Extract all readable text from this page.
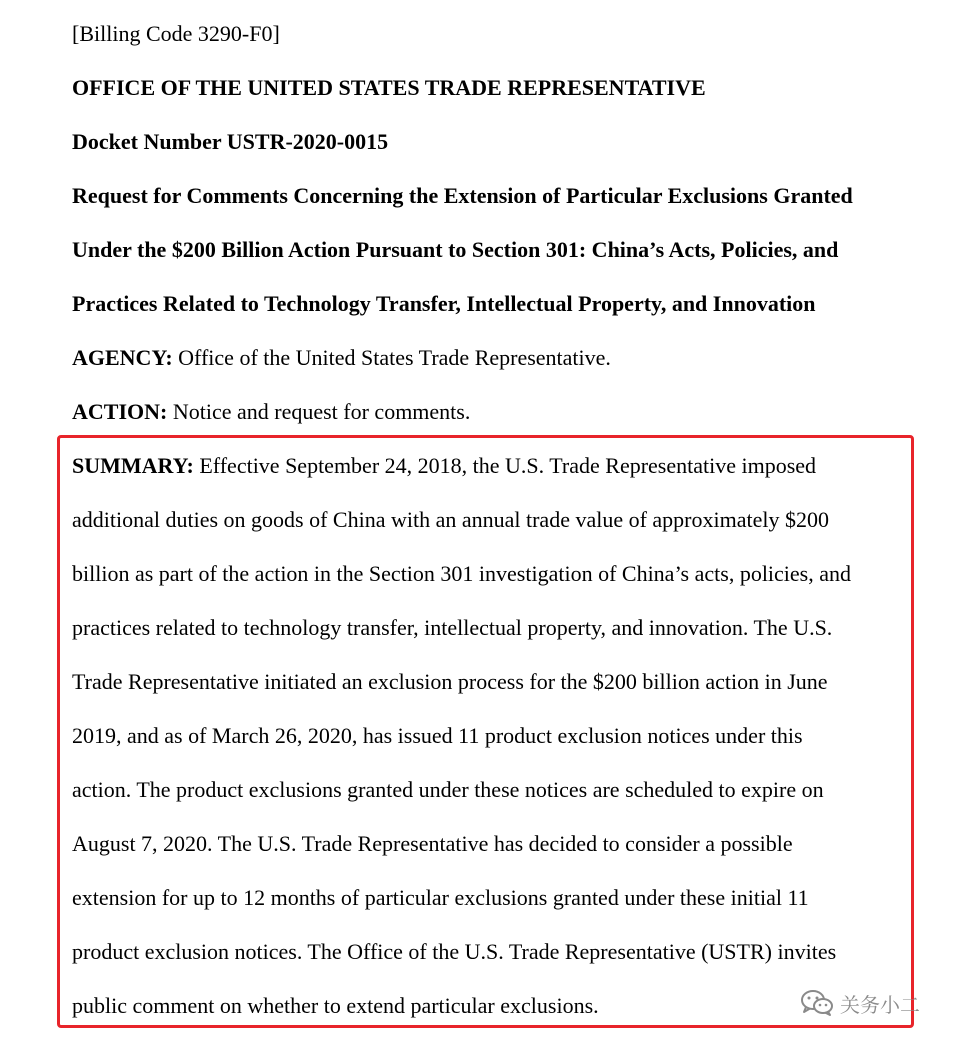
[Billing Code 3290-F0]
OFFICE OF THE UNITED STATES TRADE REPRESENTATIVE
Docket Number USTR-2020-0015
Request for Comments Concerning the Extension of Particular Exclusions Granted
Under the $200 Billion Action Pursuant to Section 301: China’s Acts, Policies, and
Practices Related to Technology Transfer, Intellectual Property, and Innovation
AGENCY: Office of the United States Trade Representative.
ACTION: Notice and request for comments.
SUMMARY: Effective September 24, 2018, the U.S. Trade Representative imposed
additional duties on goods of China with an annual trade value of approximately $200
billion as part of the action in the Section 301 investigation of China’s acts, policies, and
practices related to technology transfer, intellectual property, and innovation. The U.S.
Trade Representative initiated an exclusion process for the $200 billion action in June
2019, and as of March 26, 2020, has issued 11 product exclusion notices under this
action. The product exclusions granted under these notices are scheduled to expire on
August 7, 2020. The U.S. Trade Representative has decided to consider a possible
extension for up to 12 months of particular exclusions granted under these initial 11
product exclusion notices. The Office of the U.S. Trade Representative (USTR) invites
public comment on whether to extend particular exclusions.	关务小二
